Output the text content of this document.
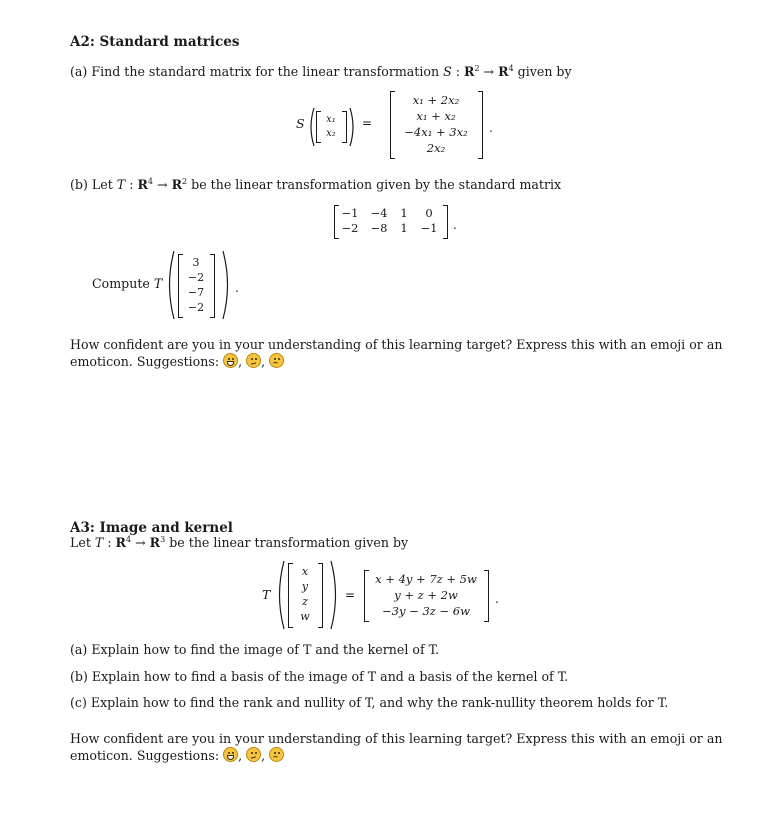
A2: Standard matrices
(a) Find the standard matrix for the linear transformation S : $R^2 \to R^4$ given by
S	x₁
x₂
=
x₁ + 2x₂
x₁ + x₂
−4x₁ + 3x₂
2x₂
.
(b) Let T : $R^4 \to R^2$ be the linear transformation given by the standard matrix
−1
−2
−4
−8
1
1
0
−1 .
Compute T
3
−2
−7
−2
.
How confident are you in your understanding of this learning target? Express this with an emoji or an
emoticon. Suggestions:
,
,
A3: Image and kernel
Let T : $R^4 \to R^3$ be the linear transformation given by
T
x
y
z
w
=
x + 4y + 7z + 5w
y + z + 2w
−3y − 3z − 6w
.
(a) Explain how to find the image of T and the kernel of T.
(b) Explain how to find a basis of the image of T and a basis of the kernel of T.
(c) Explain how to find the rank and nullity of T, and why the rank-nullity theorem holds for T.
How confident are you in your understanding of this learning target? Express this with an emoji or an
emoticon. Suggestions:
,
,
